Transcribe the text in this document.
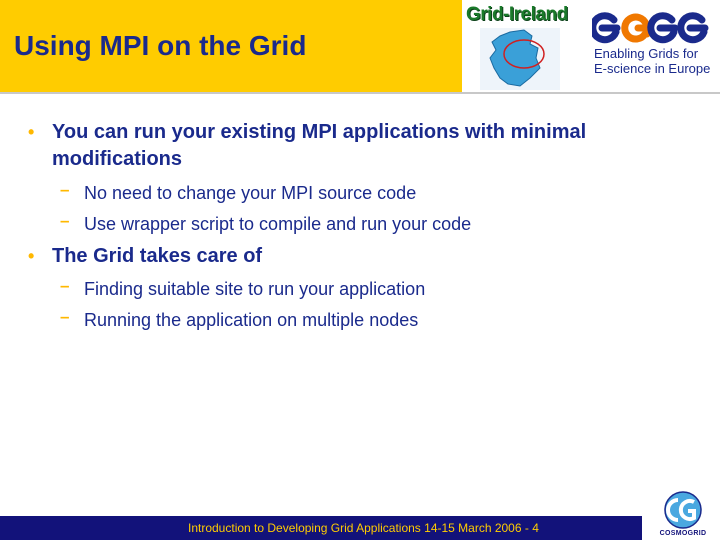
Using MPI on the Grid
Grid-Ireland
Enabling Grids for
E-science in Europe
• You can run your existing MPI applications with minimal modifications
– No need to change your MPI source code
– Use wrapper script to compile and run your code
• The Grid takes care of
– Finding suitable site to run your application
– Running the application on multiple nodes
Introduction to Developing Grid Applications 14-15 March 2006 - 4	COSMOGRID
